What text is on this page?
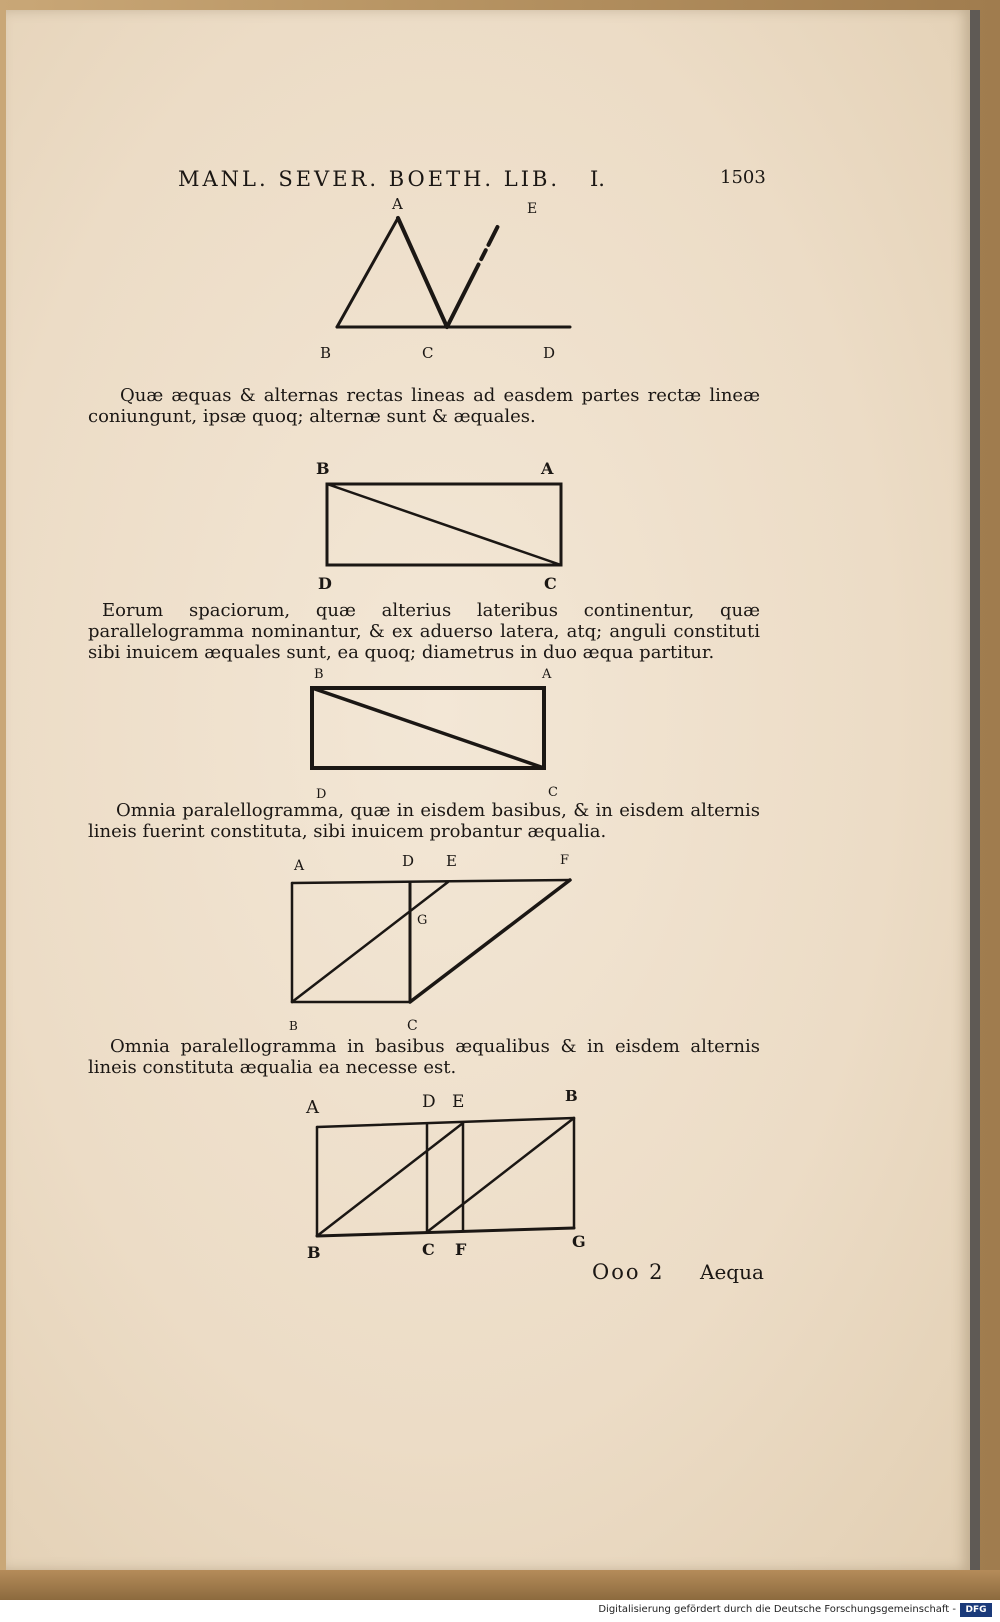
MANL. SEVER. BOETH. LIB. I.	1503
A	E
B	C	D
B	A
D	C
B	A
D	C
A	D E	F
G
B	C
A	D E	B
B	C F	G
Quæ æquas & alternas rectas lineas ad easdem partes rectæ lineæ coniungunt, ipsæ quoq; alternæ sunt & æquales.
Eorum spaciorum, quæ alterius lateribus continentur, quæ parallelogramma nominantur, & ex aduerso latera, atq; anguli constituti sibi inuicem æquales sunt, ea quoq; diametrus in duo æqua partitur.
Omnia paralellogramma, quæ in eisdem basibus, & in eisdem alternis lineis fuerint constituta, sibi inuicem probantur æqualia.
Omnia paralellogramma in basibus æqualibus & in eisdem alternis lineis constituta æqualia ea necesse est.
Ooo 2 Aequa
Digitalisierung gefördert durch die Deutsche Forschungsgemeinschaft -	DFG
